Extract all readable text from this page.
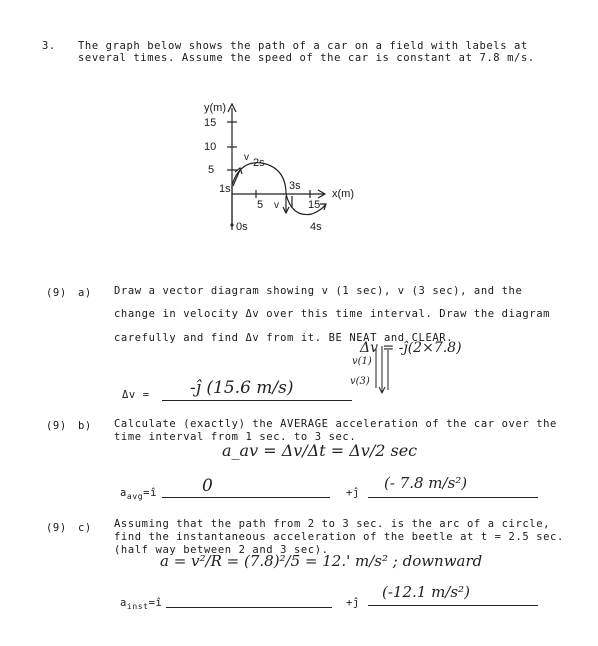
3. The graph below shows the path of a car on a field with labels at
several times. Assume the speed of the car is constant at 7.8 m/s.
y(m)
x(m)
15
10
5
5	15
1s
2s
3s
4s
0s
v
v
(9) a) Draw a vector diagram showing v (1 sec), v (3 sec), and the
change in velocity Δv over this time interval. Draw the diagram
carefully and find Δv from it. BE NEAT and CLEAR.
Δv = -ĵ(2×7.8)
v(1)
v(3)
Δv = -ĵ (15.6 m/s)
(9) b) Calculate (exactly) the AVERAGE acceleration of the car over the
time interval from 1 sec. to 3 sec.
a_av = Δv/Δt = Δv/2 sec
$a_{avg}=î$	0	+ĵ
(- 7.8 m/s²)
(9) c) Assuming that the path from 2 to 3 sec. is the arc of a circle,
find the instantaneous acceleration of the beetle at t = 2.5 sec.
(half way between 2 and 3 sec).
a = v²/R = (7.8)²/5 = 12.' m/s² ; downward
$a_{inst}=î$	+ĵ
(-12.1 m/s²)
